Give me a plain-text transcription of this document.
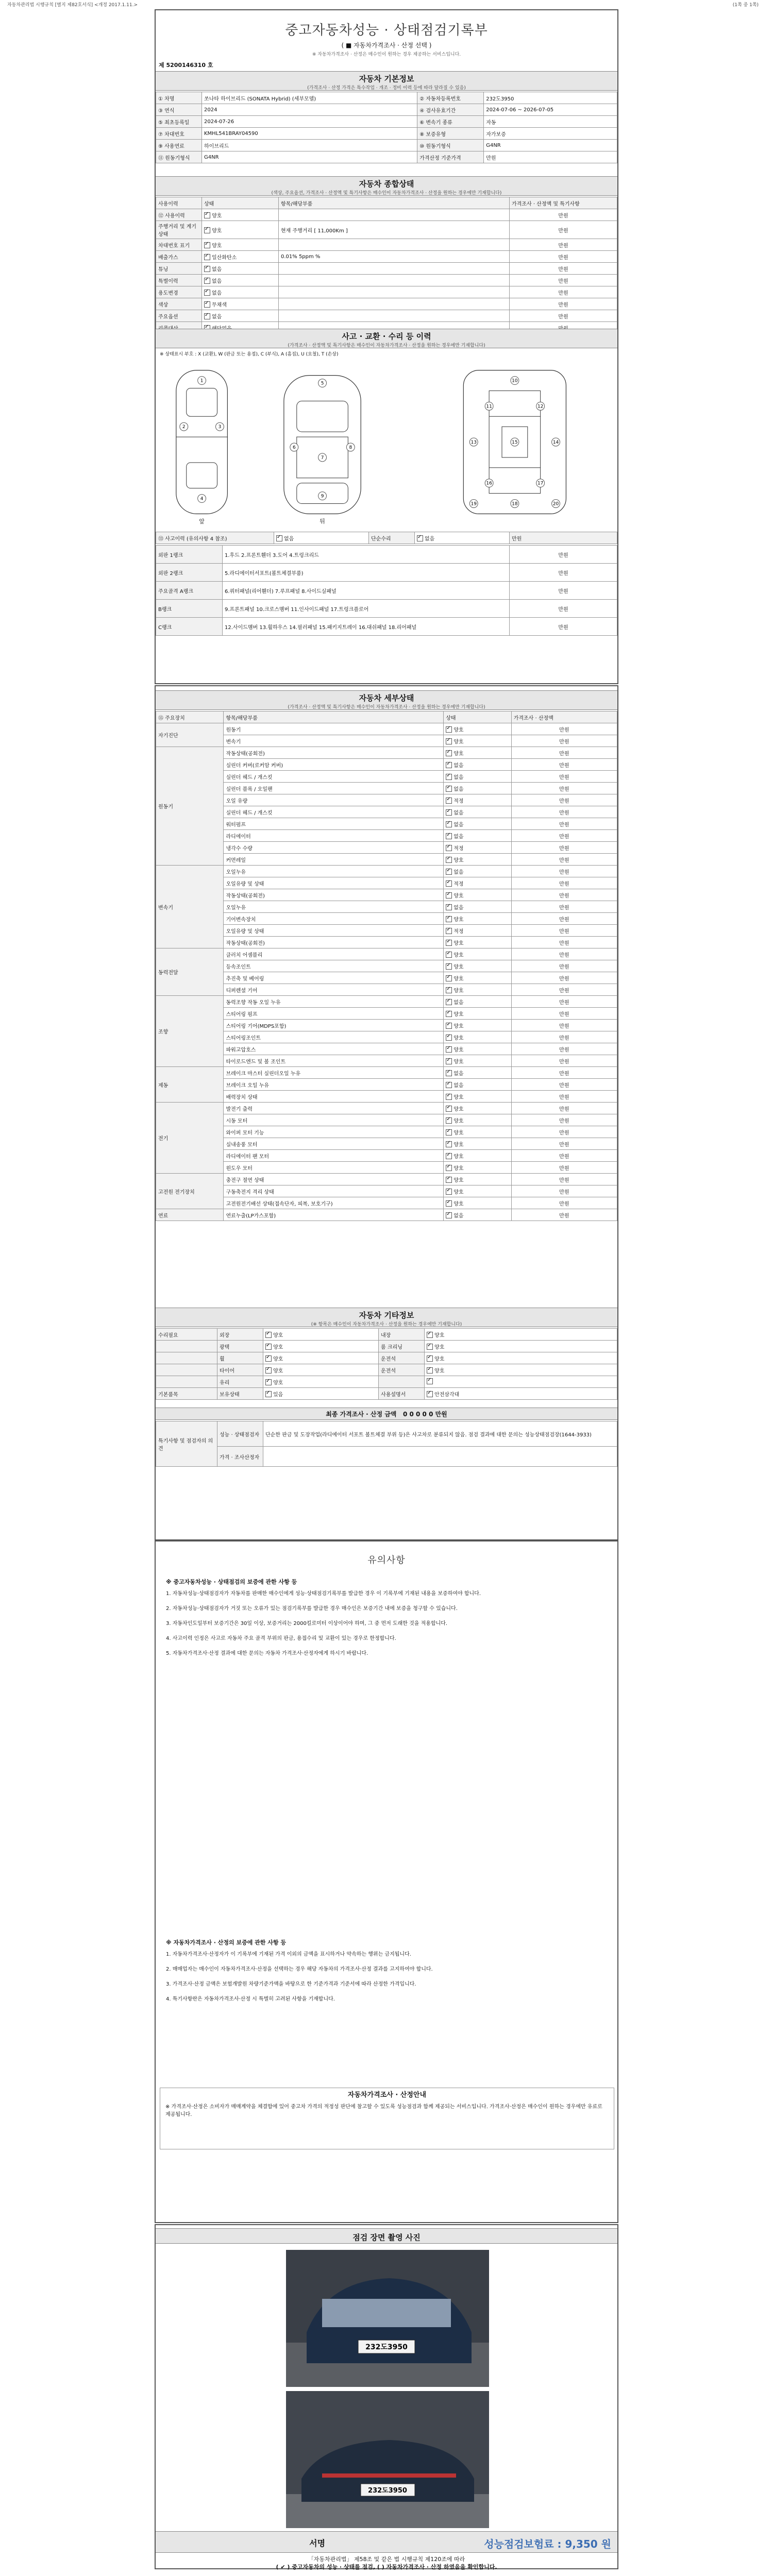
자동차관리법 시행규칙 [별지 제82호서식] <개정 2017.1.11.>	(1쪽 중 1쪽)
중고자동차성능 · 상태점검기록부
( ■ 자동차가격조사 · 산정 선택 )
※ 자동차가격조사 · 산정은 매수인이 원하는 경우 제공하는 서비스입니다.
제 5200146310 호
자동차 기본정보
(가격조사 · 산정 가격은 특수작업 · 개조 · 정비 이력 등에 따라 달라질 수 있음)
① 차명	쏘나타 하이브리드 (SONATA Hybrid) (세부모델)	② 자동차등록번호	232도3950
③ 연식	2024	④ 검사유효기간	2024-07-06 ~ 2026-07-05
⑤ 최초등록일	2024-07-26	⑥ 변속기 종류	자동
⑦ 차대번호	KMHL541BRAY04590	⑧ 보증유형	자가보증
⑨ 사용연료	하이브리드	⑩ 원동기형식	G4NR
⑪ 원동기형식	G4NR	가격산정 기준가격	만원
자동차 종합상태
(색상, 주요옵션, 가격조사 · 산정액 및 특기사항은 매수인이 자동차가격조사 · 산정을 원하는 경우에만 기재합니다)
사용이력	상태	항목/해당부품	가격조사 · 산정액 및 특기사항
⑫ 사용이력	✓양호		만원
주행거리 및 계기상태	✓양호	현재 주행거리 [ 11,000Km ]	만원
차대번호 표기	✓양호		만원
배출가스	✓일산화탄소	0.01% 5ppm %	만원
튜닝	✓없음		만원
특별이력	✓없음		만원
용도변경	✓없음		만원
색상	✓무채색		만원
주요옵션	✓없음		만원
	✓		
사고 · 교환 · 수리 등 이력
(가격조사 · 산정액 및 특기사항은 매수인이 자동차가격조사 · 산정을 원하는 경우에만 기재합니다)
※ 상태표시 부호 : X (교환), W (판금 또는 용접), C (부식), A (흠집), U (요철), T (손상)
1
2	3
4
5
6
7
8
9
10
11	12
13	14
15
16	17
18
19	20
앞	뒤
⑬ 사고이력 (유의사항 4 참조)	✓없음	단순수리	✓없음	만원
외판 1랭크	1.후드 2.프론트휀더 3.도어 4.트렁크리드	만원
외판 2랭크	5.라디에이터서포트(볼트체결부품)	만원
주요골격 A랭크	6.쿼터패널(리어휀더) 7.루프패널 8.사이드실패널	만원
B랭크	9.프론트패널 10.크로스멤버 11.인사이드패널 17.트렁크플로어	만원
C랭크	12.사이드멤버 13.휠하우스 14.필러패널 15.패키지트레이 16.대쉬패널 18.리어패널	만원
자동차 세부상태
(가격조사 · 산정액 및 특기사항은 매수인이 자동차가격조사 · 산정을 원하는 경우에만 기재합니다)
⑮ 주요장치	항목/해당부품	상태	가격조사 · 산정액
자기진단	원동기	✓양호	만원
	변속기	✓양호	만원
원동기	작동상태(공회전)	✓양호	만원
	실린더 커버(로커암 커버)	✓없음	만원
	실린더 헤드 / 개스킷	✓없음	만원
	실린더 블록 / 오일팬	✓없음	만원
	오일 유량	✓적정	만원
	실린더 헤드 / 개스킷	✓없음	만원
	워터펌프	✓없음	만원
	라디에이터	✓없음	만원
	냉각수 수량	✓적정	만원
	커먼레일	✓양호	만원
변속기	오일누유	✓없음	만원
	오일유량 및 상태	✓적정	만원
	작동상태(공회전)	✓양호	만원
	오일누유	✓없음	만원
	기어변속장치	✓양호	만원
	오일유량 및 상태	✓적정	만원
	작동상태(공회전)	✓양호	만원
동력전달	클러치 어셈블리	✓양호	만원
	등속조인트	✓양호	만원
	추진축 및 베어링	✓양호	만원
	디퍼렌셜 기어	✓양호	만원
조향	동력조향 작동 오일 누유	✓없음	만원
	스티어링 펌프	✓양호	만원
	스티어링 기어(MDPS포함)	✓양호	만원
	스티어링조인트	✓양호	만원
	파워고압호스	✓양호	만원
	타이로드엔드 및 볼 조인트	✓양호	만원
제동	브레이크 마스터 실린더오일 누유	✓없음	만원
	브레이크 오일 누유	✓없음	만원
	배력장치 상태	✓양호	만원
전기	발전기 출력	✓양호	만원
	시동 모터	✓양호	만원
	와이퍼 모터 기능	✓양호	만원
	실내송풍 모터	✓양호	만원
	라디에이터 팬 모터	✓양호	만원
	윈도우 모터	✓양호	만원
고전원 전기장치	충전구 절연 상태	✓양호	만원
	구동축전지 격리 상태	✓양호	만원
	고전원전기배선 상태(접속단자, 피복, 보호기구)	✓양호	만원
연료	연료누출(LP가스포함)	✓없음	만원
자동차 기타정보
(※ 항목은 매수인이 자동차가격조사 · 산정을 원하는 경우에만 기재합니다)
수리필요	외장	✓양호	내장	✓양호
	광택	✓양호	룸 크리닝	✓양호
	휠	✓양호	운전석	✓양호
	타이어	✓양호	운전석	✓양호
	유리	✓양호		✓
기본품목	보유상태	✓있음	사용설명서	✓안전삼각대
최종 가격조사 · 산정 금액 0 0 0 0 0 만원
특기사항 및 점검자의 의견	성능 · 상태점검자	단순한 판금 및 도장작업(라디에이터 서포트 볼트체결 부위 등)은 사고차로 분류되지 않음. 점검 결과에 대한 문의는 성능상태점검장(1644-3933)
	가격 · 조사산정자	
유의사항
※ 중고자동차성능 · 상태점검의 보증에 관한 사항 등
1. 자동차성능·상태점검자가 자동차를 판매한 매수인에게 성능·상태점검기록부를 발급한 경우 이 기록부에 기재된 내용을 보증하여야 합니다.
2. 자동차성능·상태점검자가 거짓 또는 오류가 있는 점검기록부를 발급한 경우 매수인은 보증기간 내에 보증을 청구할 수 있습니다.
3. 자동차인도일부터 보증기간은 30일 이상, 보증거리는 2000킬로미터 이상이어야 하며, 그 중 먼저 도래한 것을 적용합니다.
4. 사고이력 인정은 사고로 자동차 주요 골격 부위의 판금, 용접수리 및 교환이 있는 경우로 한정합니다.
5. 자동차가격조사·산정 결과에 대한 문의는 자동차 가격조사·산정자에게 하시기 바랍니다.
※ 자동차가격조사 · 산정의 보증에 관한 사항 등
1. 자동차가격조사·산정자가 이 기록부에 기재된 가격 이외의 금액을 표시하거나 약속하는 행위는 금지됩니다.
2. 매매업자는 매수인이 자동차가격조사·산정을 선택하는 경우 해당 자동차의 가격조사·산정 결과를 고지하여야 합니다.
3. 가격조사·산정 금액은 보험개발원 차량기준가액을 바탕으로 한 기준가격과 기준서에 따라 산정한 가격입니다.
4. 특기사항란은 자동차가격조사·산정 시 특별히 고려된 사항을 기재합니다.
자동차가격조사 · 산정안내
※ 가격조사·산정은 소비자가 매매계약을 체결함에 있어 중고차 가격의 적정성 판단에 참고할 수 있도록 성능점검과 함께 제공되는 서비스입니다. 가격조사·산정은 매수인이 원하는 경우에만 유료로 제공됩니다.
점검 장면 촬영 사진
232도3950
232도3950
서명	성능점검보험료 : 9,350 원
「자동차관리법」 제58조 및 같은 법 시행규칙 제120조에 따라
( ✔ ) 중고자동차의 성능 · 상태를 점검, ( ) 자동차가격조사 · 산정 하였음을 확인합니다.
